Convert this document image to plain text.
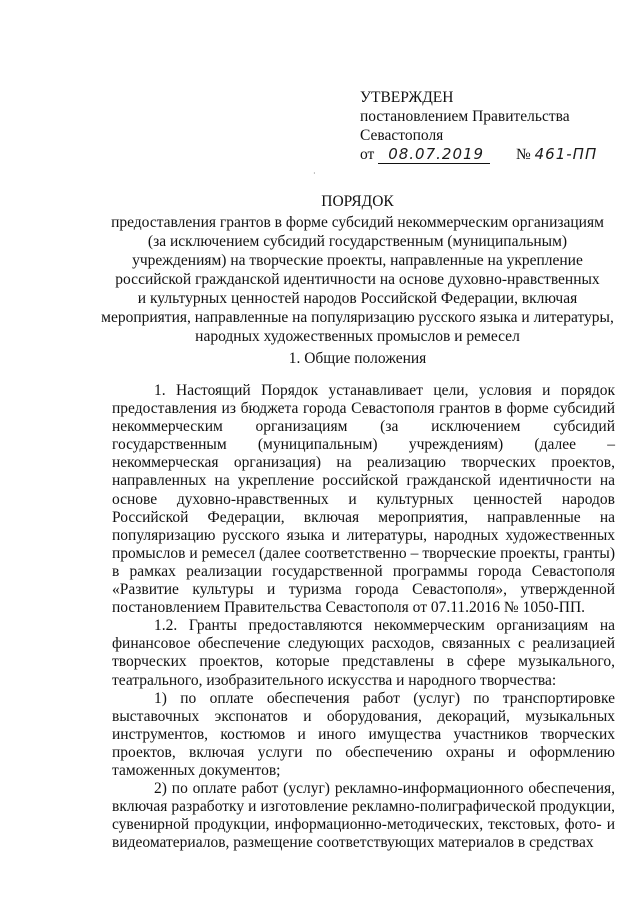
УТВЕРЖДЕН
постановлением Правительства
Севастополя
от 08.07.2019 № 461-ПП
·
ПОРЯДОК
предоставления грантов в форме субсидий некоммерческим организациям
(за исключением субсидий государственным (муниципальным)
учреждениям) на творческие проекты, направленные на укрепление
российской гражданской идентичности на основе духовно-нравственных
и культурных ценностей народов Российской Федерации, включая
мероприятия, направленные на популяризацию русского языка и литературы,
народных художественных промыслов и ремесел
1. Общие положения

1. Настоящий Порядок устанавливает цели, условия и порядок предоставления из бюджета города Севастополя грантов в форме субсидий некоммерческим организациям (за исключением субсидий государственным (муниципальным) учреждениям) (далее – некоммерческая организация) на реализацию творческих проектов, направленных на укрепление российской гражданской идентичности на основе духовно-нравственных и культурных ценностей народов Российской Федерации, включая мероприятия, направленные на популяризацию русского языка и литературы, народных художественных промыслов и ремесел (далее соответственно – творческие проекты, гранты) в рамках реализации государственной программы города Севастополя «Развитие культуры и туризма города Севастополя», утвержденной постановлением Правительства Севастополя от 07.11.2016 № 1050-ПП.

1.2. Гранты предоставляются некоммерческим организациям на финансовое обеспечение следующих расходов, связанных с реализацией творческих проектов, которые представлены в сфере музыкального, театрального, изобразительного искусства и народного творчества:

1) по оплате обеспечения работ (услуг) по транспортировке выставочных экспонатов и оборудования, декораций, музыкальных инструментов, костюмов и иного имущества участников творческих проектов, включая услуги по обеспечению охраны и оформлению таможенных документов;

2) по оплате работ (услуг) рекламно-информационного обеспечения, включая разработку и изготовление рекламно-полиграфической продукции, сувенирной продукции, информационно-методических, текстовых, фото- и видеоматериалов, размещение соответствующих материалов в средствах
